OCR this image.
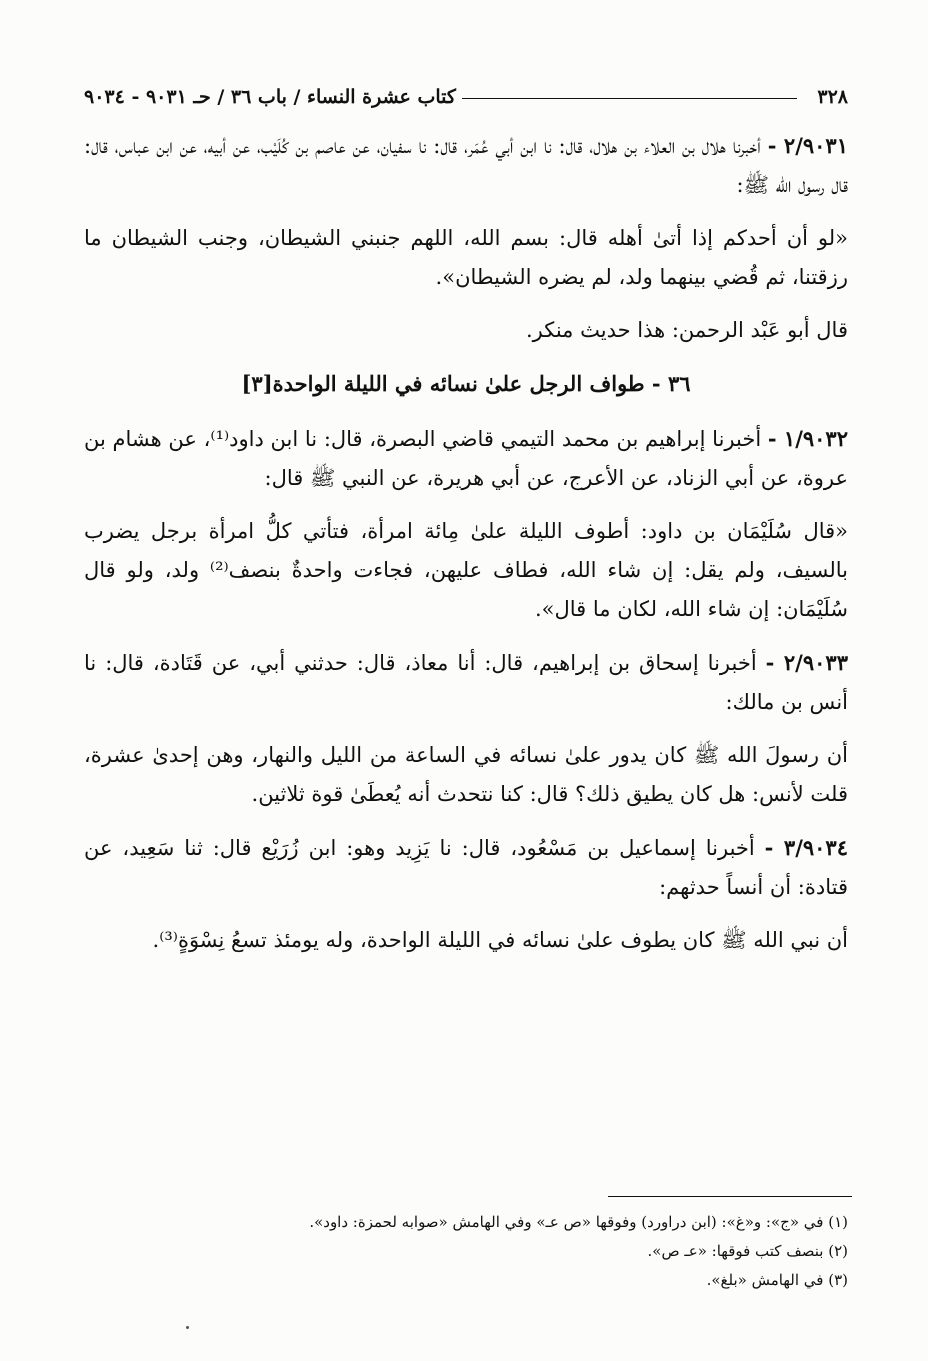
٣٢٨
كتاب عشرة النساء / باب ٣٦ / حـ ٩٠٣١ - ٩٠٣٤

٢/٩٠٣١ - أخبرنا هلال بن العلاء بن هلال، قال: نا ابن أبي عُمَر، قال: نا سفيان، عن عاصم بن كُلَيْب، عن أبيه، عن ابن عباس، قال: قال رسول الله ﷺ:

«لو أن أحدكم إذا أتىٰ أهله قال: بسم الله، اللهم جنبني الشيطان، وجنب الشيطان ما رزقتنا، ثم قُضي بينهما ولد، لم يضره الشيطان».

قال أبو عَبْد الرحمن: هذا حديث منكر.

٣٦ - طواف الرجل علىٰ نسائه في الليلة الواحدة[٣]

١/٩٠٣٢ - أخبرنا إبراهيم بن محمد التيمي قاضي البصرة، قال: نا ابن داود⁽¹⁾، عن هشام بن عروة، عن أبي الزناد، عن الأعرج، عن أبي هريرة، عن النبي ﷺ قال:

«قال سُلَيْمَان بن داود: أطوف الليلة علىٰ مِائة امرأة، فتأتي كلُّ امرأة برجل يضرب بالسيف، ولم يقل: إن شاء الله، فطاف عليهن، فجاءت واحدةٌ بنصف⁽²⁾ ولد، ولو قال سُلَيْمَان: إن شاء الله، لكان ما قال».

٢/٩٠٣٣ - أخبرنا إسحاق بن إبراهيم، قال: أنا معاذ، قال: حدثني أبي، عن قَتَادة، قال: نا أنس بن مالك:

أن رسولَ الله ﷺ كان يدور علىٰ نسائه في الساعة من الليل والنهار، وهن إحدىٰ عشرة، قلت لأنس: هل كان يطيق ذلك؟ قال: كنا نتحدث أنه يُعطَىٰ قوة ثلاثين.

٣/٩٠٣٤ - أخبرنا إسماعيل بن مَسْعُود، قال: نا يَزِيد وهو: ابن زُرَيْع قال: ثنا سَعِيد، عن قتادة: أن أنساً حدثهم:

أن نبي الله ﷺ كان يطوف علىٰ نسائه في الليلة الواحدة، وله يومئذ تسعُ نِسْوَةٍ⁽³⁾.

(١) في «ج»: و«غ»: (ابن دراورد) وفوقها «ص عـ» وفي الهامش «صوابه لحمزة: داود».
(٢) بنصف كتب فوقها: «عـ ص».
(٣) في الهامش «بلغ».
